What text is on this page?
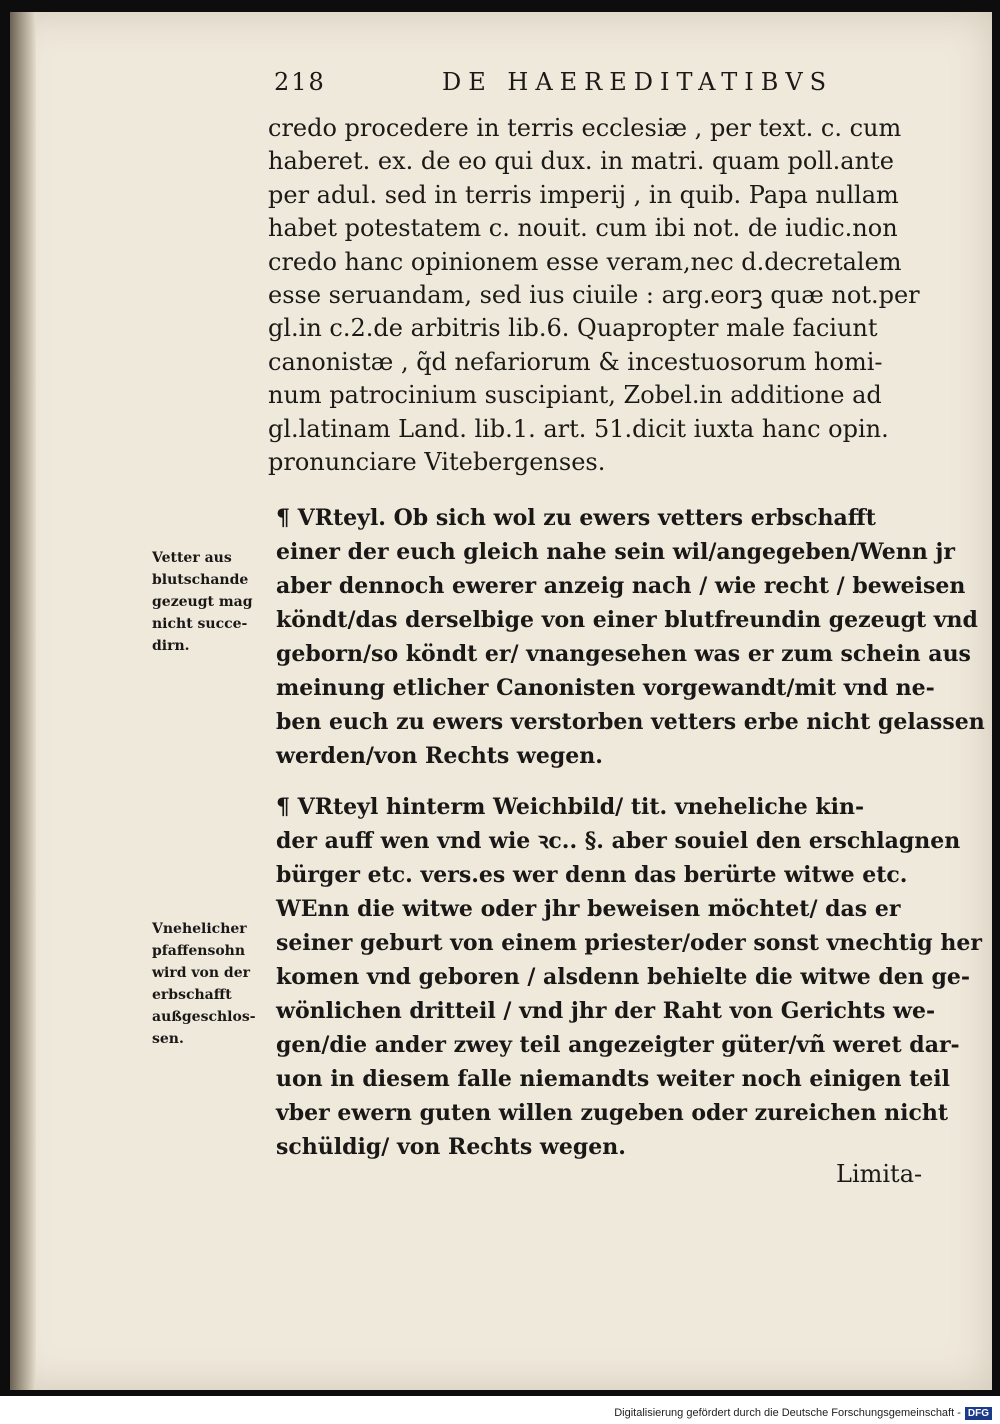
218	DE HAEREDITATIBVS
credo procedere in terris ecclesiæ , per text. c. cum
haberet. ex. de eo qui dux. in matri. quam poll.ante
per adul. sed in terris imperij , in quib. Papa nullam
habet potestatem c. nouit. cum ibi not. de iudic.non
credo hanc opinionem esse veram,nec d.decretalem
esse seruandam, sed ius ciuile : arg.eorꝫ quæ not.per
gl.in c.2.de arbitris lib.6. Quapropter male faciunt
canonistæ , q̃d nefariorum & incestuosorum homi-
num patrocinium suscipiant, Zobel.in additione ad
gl.latinam Land. lib.1. art. 51.dicit iuxta hanc opin.
pronunciare Vitebergenses.
Vetter aus
blutschande
gezeugt mag
nicht succe-
dirn.
¶ VRteyl. Ob sich wol zu ewers vetters erbschafft
einer der euch gleich nahe sein wil/angegeben/Wenn jr
aber dennoch ewerer anzeig nach / wie recht / beweisen
köndt/das derselbige von einer blutfreundin gezeugt vnd
geborn/so köndt er/ vnangesehen was er zum schein aus
meinung etlicher Canonisten vorgewandt/mit vnd ne-
ben euch zu ewers verstorben vetters erbe nicht gelassen
werden/von Rechts wegen.
¶ VRteyl hinterm Weichbild/ tit. vneheliche kin-
der auff wen vnd wie ꝛc.. §. aber souiel den erschlagnen
bürger etc. vers.es wer denn das berürte witwe etc.
Vnehelicher
pfaffensohn
wird von der
erbschafft
außgeschlos-
sen.
WEnn die witwe oder jhr beweisen möchtet/ das er
seiner geburt von einem priester/oder sonst vnechtig her
komen vnd geboren / alsdenn behielte die witwe den ge-
wönlichen dritteil / vnd jhr der Raht von Gerichts we-
gen/die ander zwey teil angezeigter güter/vñ weret dar-
uon in diesem falle niemandts weiter noch einigen teil
vber ewern guten willen zugeben oder zureichen nicht
schüldig/ von Rechts wegen.
Limita-
Digitalisierung gefördert durch die Deutsche Forschungsgemeinschaft - DFG
